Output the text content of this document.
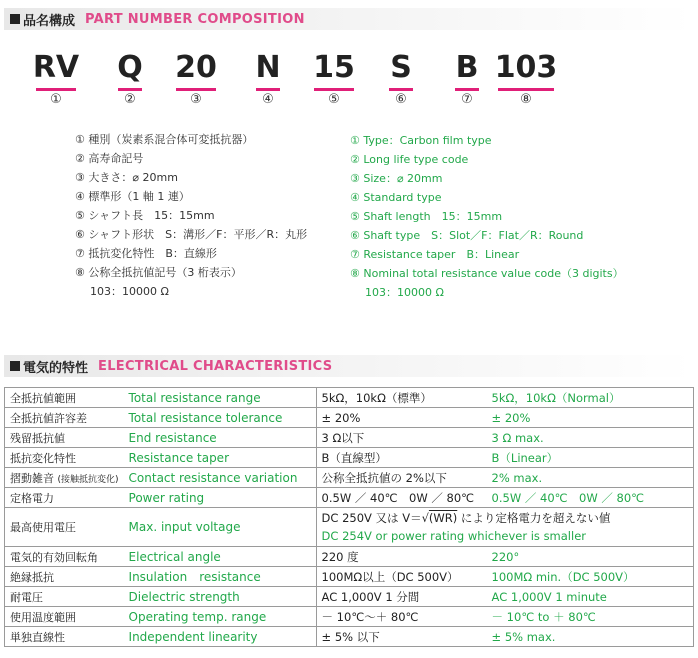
品名構成 PART NUMBER COMPOSITION
RV
①
Q
②
20
③
N
④
15
⑤
S
⑥
B
⑦
103
⑧
① 種別（炭素系混合体可変抵抗器）
② 高寿命記号
③ 大きさ：⌀ 20mm
④ 標準形（1 軸 1 連）
⑤ シャフト長　15：15mm
⑥ シャフト形状　S：溝形／F：平形／R：丸形
⑦ 抵抗変化特性　B：直線形
⑧ 公称全抵抗値記号（3 桁表示）
103：10000 Ω
① Type：Carbon film type
② Long life type code
③ Size：⌀ 20mm
④ Standard type
⑤ Shaft length　15：15mm
⑥ Shaft type　S：Slot／F：Flat／R：Round
⑦ Resistance taper　B：Linear
⑧ Nominal total resistance value code（3 digits）
103：10000 Ω
電気的特性 ELECTRICAL CHARACTERISTICS
全抵抗値範囲	Total resistance range	5kΩ，10kΩ（標準）	5kΩ，10kΩ（Normal）
全抵抗値許容差	Total resistance tolerance	± 20%	± 20%
残留抵抗値	End resistance	3 Ω以下	3 Ω max.
抵抗変化特性	Resistance taper	B（直線型）	B（Linear）
摺動雑音 (接触抵抗変化)	Contact resistance variation	公称全抵抗値の 2%以下	2% max.
定格電力	Power rating	0.5W ／ 40℃　0W ／ 80℃	0.5W ／ 40℃　0W ／ 80℃
最高使用電圧	Max. input voltage	DC 250V 又は V＝√(WR) により定格電力を超えない値
DC 254V or power rating whichever is smaller	

電気的有効回転角	Electrical angle	220 度	220°
絶縁抵抗	Insulation　resistance	100MΩ以上（DC 500V）	100MΩ min.（DC 500V）
耐電圧	Dielectric strength	AC 1,000V 1 分間	AC 1,000V 1 minute
使用温度範囲	Operating temp. range	－ 10℃～＋ 80℃	－ 10℃ to ＋ 80℃
単独直線性	Independent linearity	± 5% 以下	± 5% max.
